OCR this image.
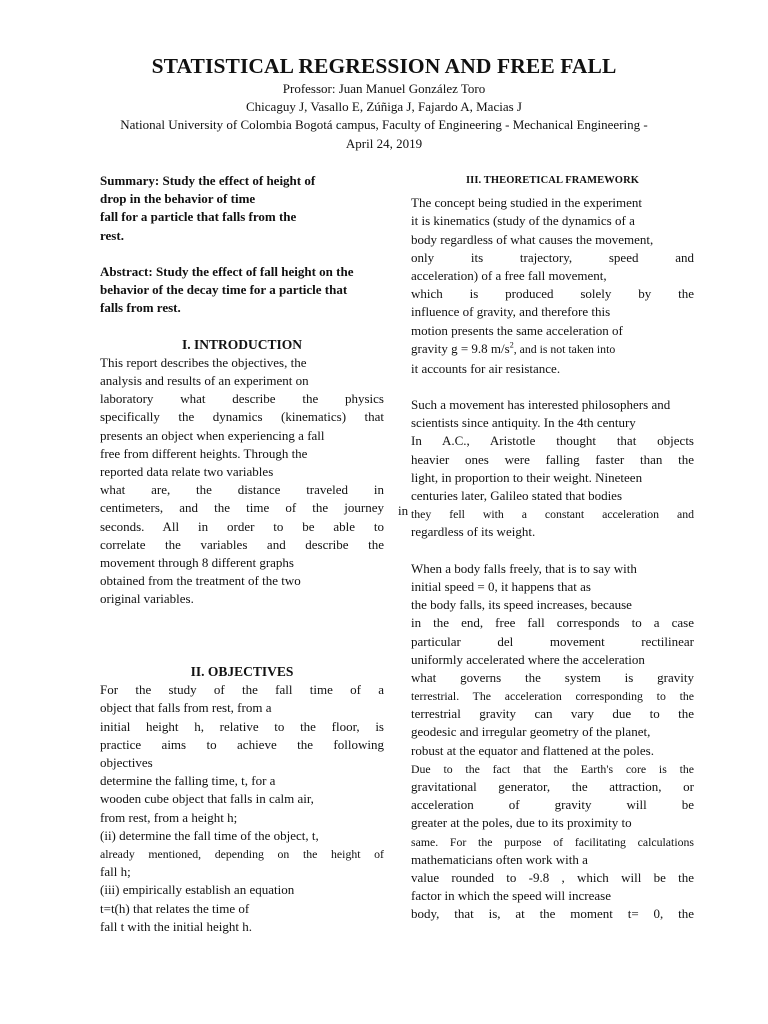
STATISTICAL REGRESSION AND FREE FALL
Professor: Juan Manuel González Toro
Chicaguy J, Vasallo E, Zúñiga J, Fajardo A, Macias J
National University of Colombia Bogotá campus, Faculty of Engineering - Mechanical Engineering -
April 24, 2019
Summary: Study the effect of height of
drop in the behavior of time
fall for a particle that falls from the
rest.
Abstract: Study the effect of fall height on the
behavior of the decay time for a particle that
falls from rest.
I. INTRODUCTION
This report describes the objectives, the
analysis and results of an experiment on
laboratory what describe the physics
specifically the dynamics (kinematics) that
presents an object when experiencing a fall
free from different heights. Through the
reported data relate two variables
what are, the distance traveled in
centimeters, and the time of the journey
seconds. All in order to be able to
correlate the variables and describe the
movement through 8 different graphs
obtained from the treatment of the two
original variables.
II. OBJECTIVES
For the study of the fall time of a
object that falls from rest, from a
initial height h, relative to the floor, is
practice aims to achieve the following
objectives
determine the falling time, t, for a
wooden cube object that falls in calm air,
from rest, from a height h;
(ii) determine the fall time of the object, t,
already mentioned, depending on the height of
fall h;
(iii) empirically establish an equation
t=t(h) that relates the time of
fall t with the initial height h.
in
III. THEORETICAL FRAMEWORK
The concept being studied in the experiment
it is kinematics (study of the dynamics of a
body regardless of what causes the movement,
only its trajectory, speed and
acceleration) of a free fall movement,
which is produced solely by the
influence of gravity, and therefore this
motion presents the same acceleration of
gravity g = 9.8 $m/s^2$, and is not taken into
it accounts for air resistance.
Such a movement has interested philosophers and
scientists since antiquity. In the 4th century
In A.C., Aristotle thought that objects
heavier ones were falling faster than the
light, in proportion to their weight. Nineteen
centuries later, Galileo stated that bodies
they fell with a constant acceleration and
regardless of its weight.
When a body falls freely, that is to say with
initial speed = 0, it happens that as
the body falls, its speed increases, because
in the end, free fall corresponds to a case
particular del movement rectilinear
uniformly accelerated where the acceleration
what governs the system is gravity
terrestrial. The acceleration corresponding to the
terrestrial gravity can vary due to the
geodesic and irregular geometry of the planet,
robust at the equator and flattened at the poles.
Due to the fact that the Earth's core is the
gravitational generator, the attraction, or
acceleration of gravity will be
greater at the poles, due to its proximity to
same. For the purpose of facilitating calculations
mathematicians often work with a
value rounded to -9.8 , which will be the
factor in which the speed will increase
body, that is, at the moment t= 0, the
